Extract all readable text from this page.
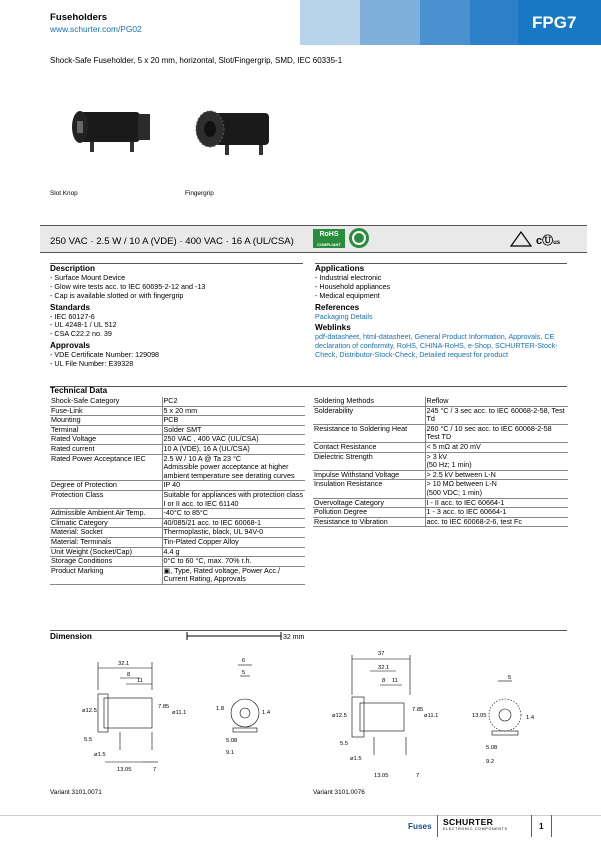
Fuseholders
www.schurter.com/PG02	FPG7
Shock-Safe Fuseholder, 5 x 20 mm, horizontal, Slot/Fingergrip, SMD, IEC 60335-1
Slot Knop	Fingergrip
250 VAC · 2.5 W / 10 A (VDE) · 400 VAC · 16 A (UL/CSA)
RoHS
COMPLIANT	ᴄⓊus
Description
- Surface Mount Device
- Glow wire tests acc. to IEC 60695-2-12 and -13
- Cap is available slotted or with fingergrip
Standards
- IEC 60127-6
- UL 4248-1 / UL 512
- CSA C22.2 no. 39
Approvals
- VDE Certificate Number: 129098
- UL File Number: E39328
Applications
- Industrial electronic
- Household appliances
- Medical equipment
References
Packaging Details
Weblinks
pdf-datasheet, html-datasheet, General Product Information, Approvals, CE declaration of conformity, RoHS, CHINA-RoHS, e-Shop, SCHURTER-Stock-Check, Distributor-Stock-Check, Detailed request for product
Technical Data
Shock-Safe Category	PC2
Fuse-Link	5 x 20 mm
Mounting	PCB
Terminal	Solder SMT
Rated Voltage	250 VAC , 400 VAC (UL/CSA)
Rated current	10 A (VDE), 16 A (UL/CSA)
Rated Power Acceptance IEC	2.5 W / 10 A @ Ta 23 °C
Admissible power acceptance at higher ambient temperature see derating curves
Degree of Protection	IP 40
Protection Class	Suitable for appliances with protection class I or II acc. to IEC 61140
Admissible Ambient Air Temp.	-40°C to 85°C
Climatic Category	40/085/21 acc. to IEC 60068-1
Material: Socket	Thermoplastic, black, UL 94V-0
Material: Terminals	Tin-Plated Copper Alloy
Unit Weight (Socket/Cap)	4.4 g
Storage Conditions	0°C to 60 °C, max. 70% r.h.
Product Marking	▣, Type, Rated voltage, Power Acc./ Current Rating, Approvals
Soldering Methods	Reflow
Solderability	245 °C / 3 sec acc. to IEC 60068-2-58, Test Td
Resistance to Soldering Heat	260 °C / 10 sec acc. to IEC 60068-2-58 Test TD
Contact Resistance	< 5 mΩ at 20 mV
Dielectric Strength	> 3 kV
(50 Hz; 1 min)
Impulse Withstand Voltage	> 2.5 kV between L-N
Insulation Resistance	> 10 MΩ between L-N
(500 VDC; 1 min)
Overvoltage Category	I - II acc. to IEC 60664-1
Pollution Degree	1 - 3 acc. to IEC 60664-1
Resistance to Vibration	acc. to IEC 60068-2-6, test Fc
Dimension	32 mm
32.1
8
11
ø12.5
7.85
ø11.1
5.5
ø1.5
13.05	7
6
5
1.8
1.4
5.08
9.1
37
32.1
8 11
ø12.5
7.85
ø11.1
5.5
ø1.5
13.05	7
5
13.05	1.4
5.08
9.2
Variant 3101.0071	Variant 3101.0076
Fuses SCHURTER
ELECTRONIC COMPONENTS	1
